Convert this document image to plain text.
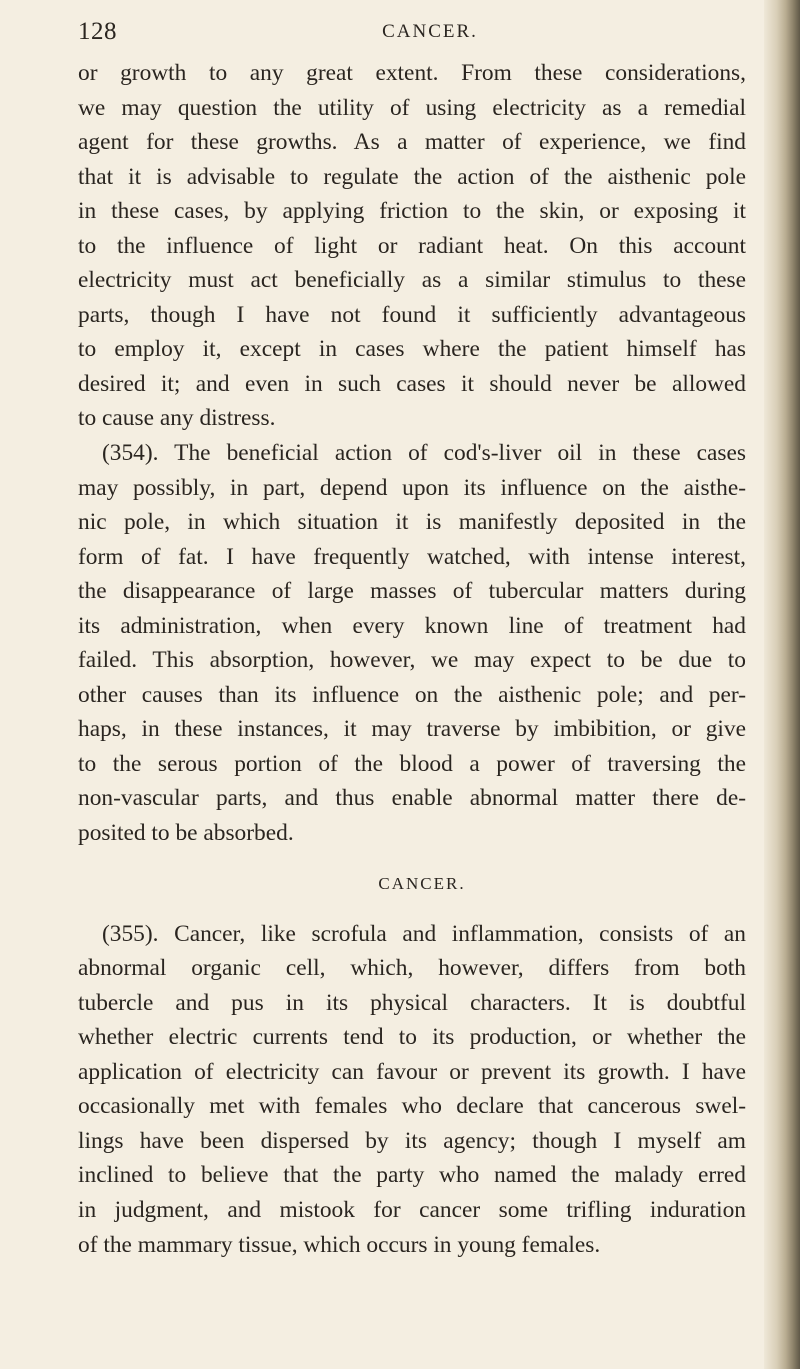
128	CANCER.
or growth to any great extent. From these considerations,
we may question the utility of using electricity as a remedial
agent for these growths. As a matter of experience, we find
that it is advisable to regulate the action of the aisthenic pole
in these cases, by applying friction to the skin, or exposing it
to the influence of light or radiant heat. On this account
electricity must act beneficially as a similar stimulus to these
parts, though I have not found it sufficiently advantageous
to employ it, except in cases where the patient himself has
desired it; and even in such cases it should never be allowed
to cause any distress.
(354). The beneficial action of cod's-liver oil in these cases
may possibly, in part, depend upon its influence on the aisthe-
nic pole, in which situation it is manifestly deposited in the
form of fat. I have frequently watched, with intense interest,
the disappearance of large masses of tubercular matters during
its administration, when every known line of treatment had
failed. This absorption, however, we may expect to be due to
other causes than its influence on the aisthenic pole; and per-
haps, in these instances, it may traverse by imbibition, or give
to the serous portion of the blood a power of traversing the
non-vascular parts, and thus enable abnormal matter there de-
posited to be absorbed.
CANCER.
(355). Cancer, like scrofula and inflammation, consists of an
abnormal organic cell, which, however, differs from both
tubercle and pus in its physical characters. It is doubtful
whether electric currents tend to its production, or whether the
application of electricity can favour or prevent its growth. I have
occasionally met with females who declare that cancerous swel-
lings have been dispersed by its agency; though I myself am
inclined to believe that the party who named the malady erred
in judgment, and mistook for cancer some trifling induration
of the mammary tissue, which occurs in young females.
